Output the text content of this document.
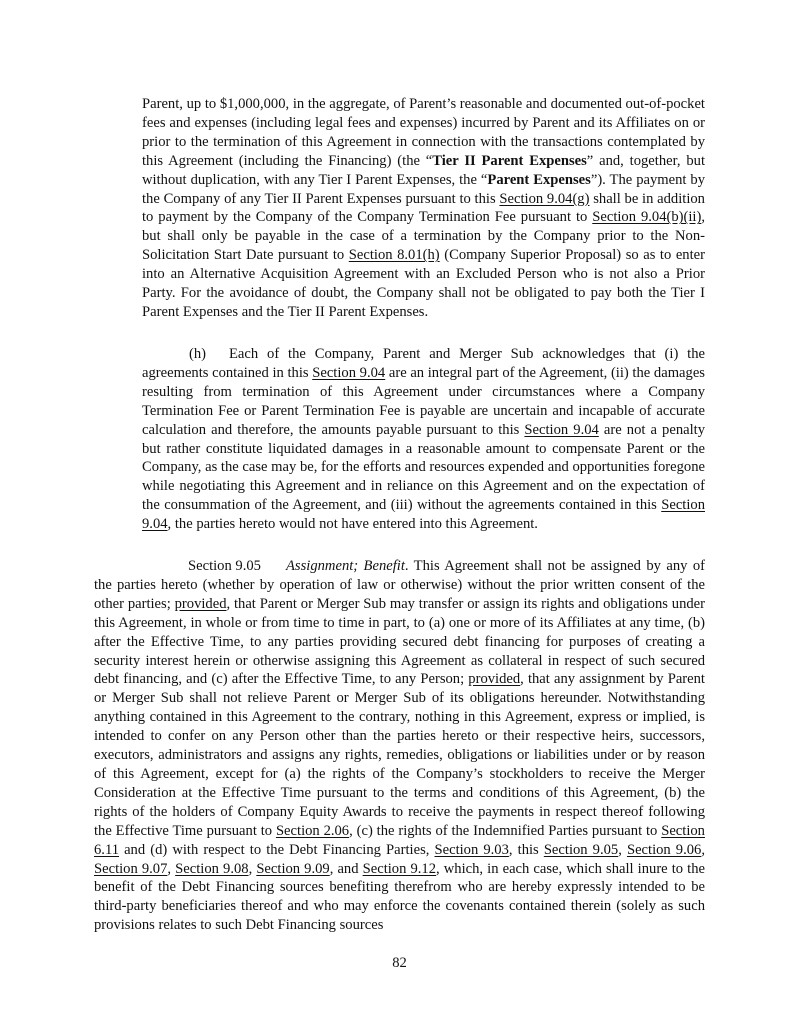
Parent, up to $1,000,000, in the aggregate, of Parent’s reasonable and documented out-of-pocket fees and expenses (including legal fees and expenses) incurred by Parent and its Affiliates on or prior to the termination of this Agreement in connection with the transactions contemplated by this Agreement (including the Financing) (the “Tier II Parent Expenses” and, together, but without duplication, with any Tier I Parent Expenses, the “Parent Expenses”). The payment by the Company of any Tier II Parent Expenses pursuant to this Section 9.04(g) shall be in addition to payment by the Company of the Company Termination Fee pursuant to Section 9.04(b)(ii), but shall only be payable in the case of a termination by the Company prior to the Non-Solicitation Start Date pursuant to Section 8.01(h) (Company Superior Proposal) so as to enter into an Alternative Acquisition Agreement with an Excluded Person who is not also a Prior Party. For the avoidance of doubt, the Company shall not be obligated to pay both the Tier I Parent Expenses and the Tier II Parent Expenses.

(h) Each of the Company, Parent and Merger Sub acknowledges that (i) the agreements contained in this Section 9.04 are an integral part of the Agreement, (ii) the damages resulting from termination of this Agreement under circumstances where a Company Termination Fee or Parent Termination Fee is payable are uncertain and incapable of accurate calculation and therefore, the amounts payable pursuant to this Section 9.04 are not a penalty but rather constitute liquidated damages in a reasonable amount to compensate Parent or the Company, as the case may be, for the efforts and resources expended and opportunities foregone while negotiating this Agreement and in reliance on this Agreement and on the expectation of the consummation of the Agreement, and (iii) without the agreements contained in this Section 9.04, the parties hereto would not have entered into this Agreement.

Section 9.05 Assignment; Benefit. This Agreement shall not be assigned by any of the parties hereto (whether by operation of law or otherwise) without the prior written consent of the other parties; provided, that Parent or Merger Sub may transfer or assign its rights and obligations under this Agreement, in whole or from time to time in part, to (a) one or more of its Affiliates at any time, (b) after the Effective Time, to any parties providing secured debt financing for purposes of creating a security interest herein or otherwise assigning this Agreement as collateral in respect of such secured debt financing, and (c) after the Effective Time, to any Person; provided, that any assignment by Parent or Merger Sub shall not relieve Parent or Merger Sub of its obligations hereunder. Notwithstanding anything contained in this Agreement to the contrary, nothing in this Agreement, express or implied, is intended to confer on any Person other than the parties hereto or their respective heirs, successors, executors, administrators and assigns any rights, remedies, obligations or liabilities under or by reason of this Agreement, except for (a) the rights of the Company’s stockholders to receive the Merger Consideration at the Effective Time pursuant to the terms and conditions of this Agreement, (b) the rights of the holders of Company Equity Awards to receive the payments in respect thereof following the Effective Time pursuant to Section 2.06, (c) the rights of the Indemnified Parties pursuant to Section 6.11 and (d) with respect to the Debt Financing Parties, Section 9.03, this Section 9.05, Section 9.06, Section 9.07, Section 9.08, Section 9.09, and Section 9.12, which, in each case, which shall inure to the benefit of the Debt Financing sources benefiting therefrom who are hereby expressly intended to be third-party beneficiaries thereof and who may enforce the covenants contained therein (solely as such provisions relates to such Debt Financing sources

82
